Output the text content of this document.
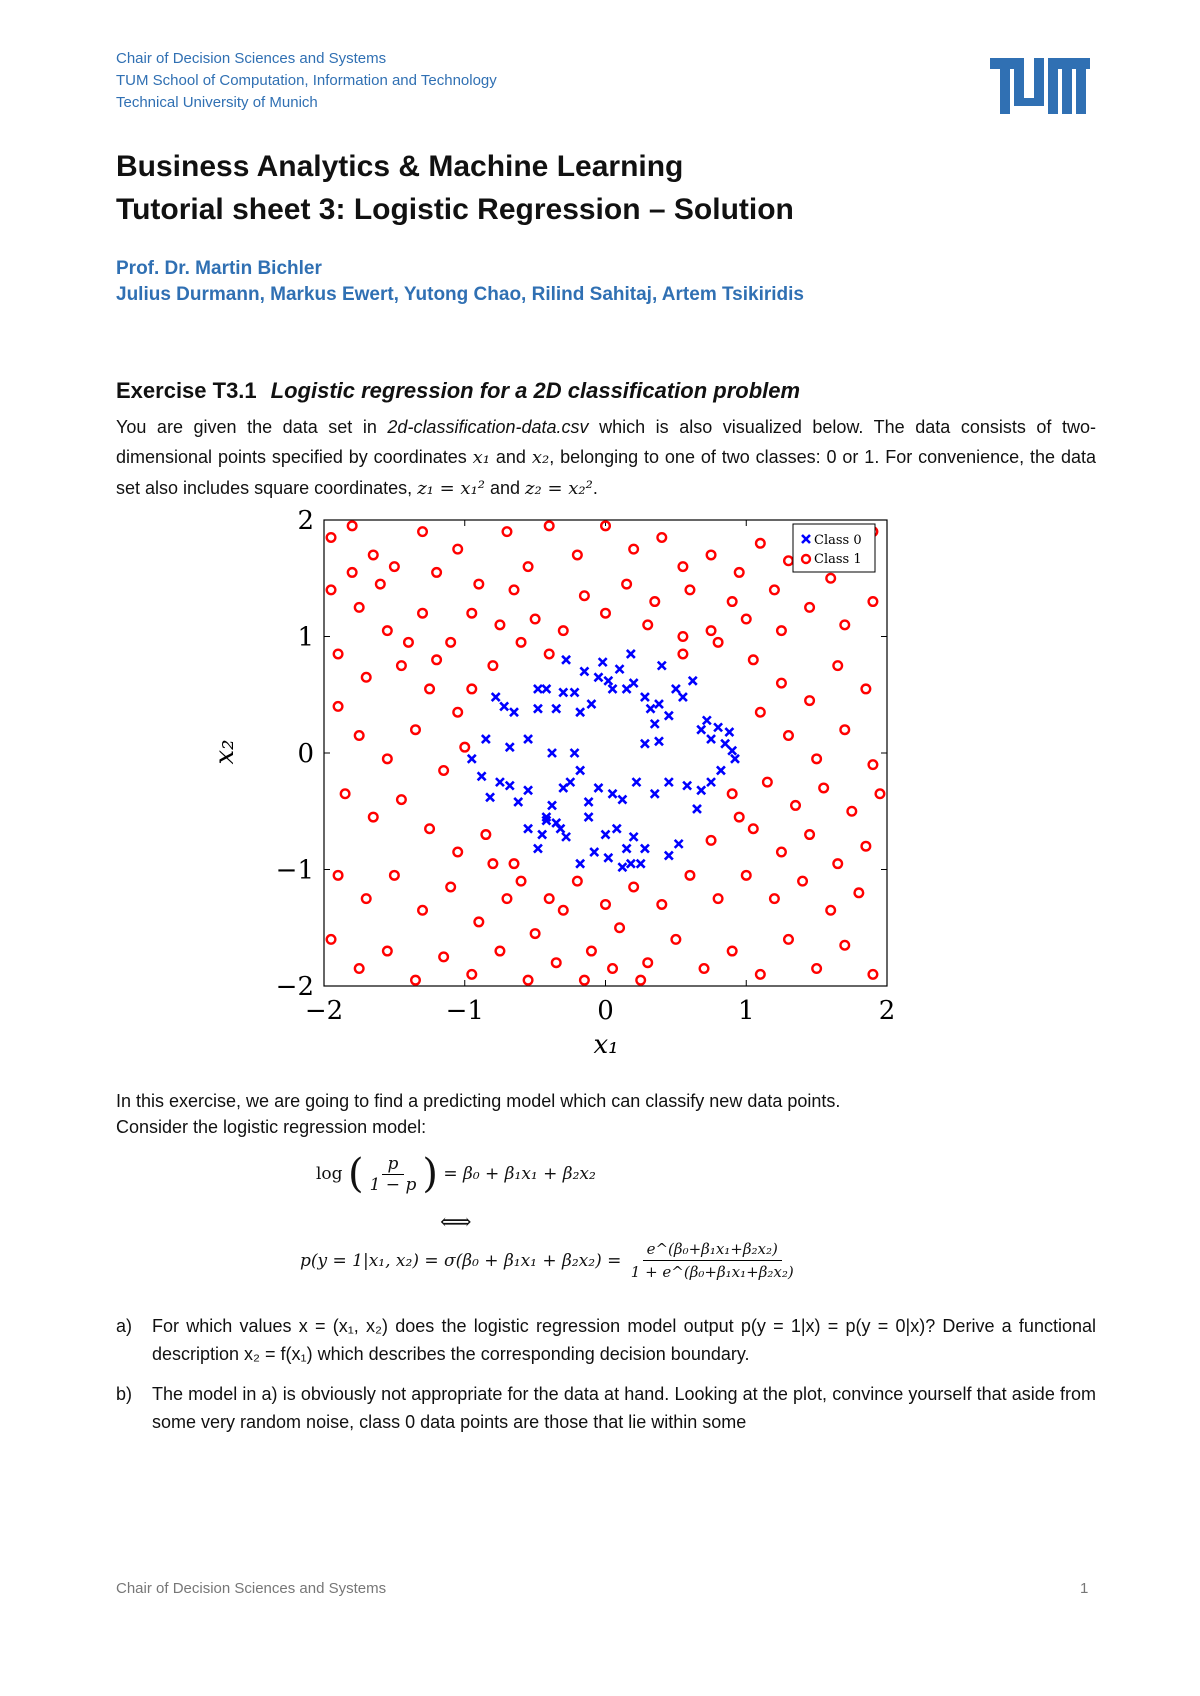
Chair of Decision Sciences and Systems
TUM School of Computation, Information and Technology
Technical University of Munich
Business Analytics & Machine Learning
Tutorial sheet 3: Logistic Regression – Solution
Prof. Dr. Martin Bichler
Julius Durmann, Markus Ewert, Yutong Chao, Rilind Sahitaj, Artem Tsikiridis
Exercise T3.1 Logistic regression for a 2D classification problem
You are given the data set in 2d-classification-data.csv which is also visualized below. The data consists of two-dimensional points specified by coordinates x₁ and x₂, belonging to one of two classes: 0 or 1. For convenience, the data set also includes square coordinates, z₁ = x₁² and z₂ = x₂².
−2	−1	0	1	2
−2
−1
0
1
2
Class 0
Class 1
x₁
x₂
In this exercise, we are going to find a predicting model which can classify new data points.
Consider the logistic regression model:
log ( $\frac{p}{1 - p}$ ) = β₀ + β₁x₁ + β₂x₂
⟺
p(y = 1|x₁, $x_2) = \sigma(\beta_0 + \beta_1x_1 + \beta_2x_2) = \frac{\text{e\textasciicircum{}(β₀+β₁x₁+β₂x₂)}}{\text{1 + e\textasciicircum{}(β₀+β₁x₁+β₂x₂)}}$
a) For which values x = (x₁, x₂) does the logistic regression model output p(y = 1|x) = p(y = 0|x)? Derive a functional description x₂ = f(x₁) which describes the corresponding decision boundary.
b) The model in a) is obviously not appropriate for the data at hand. Looking at the plot, convince yourself that aside from some very random noise, class 0 data points are those that lie within some
Chair of Decision Sciences and Systems	1
